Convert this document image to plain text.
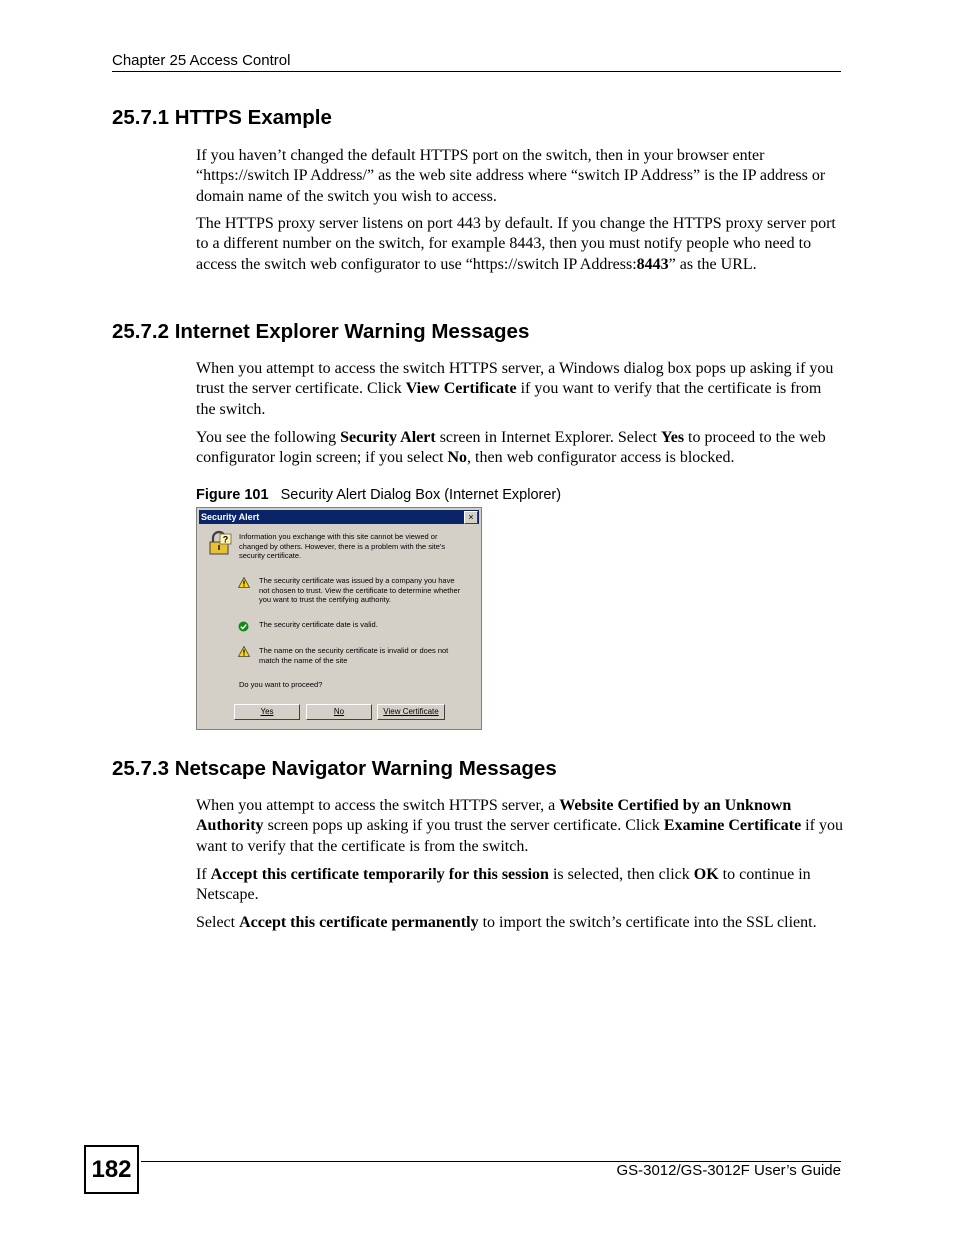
Chapter 25 Access Control
25.7.1 HTTPS Example
If you haven’t changed the default HTTPS port on the switch, then in your browser enter “https://switch IP Address/” as the web site address where “switch IP Address” is the IP address or domain name of the switch you wish to access.
The HTTPS proxy server listens on port 443 by default. If you change the HTTPS proxy server port to a different number on the switch, for example 8443, then you must notify people who need to access the switch web configurator to use “https://switch IP Address:8443” as the URL.
25.7.2 Internet Explorer Warning Messages
When you attempt to access the switch HTTPS server, a Windows dialog box pops up asking if you trust the server certificate. Click View Certificate if you want to verify that the certificate is from the switch.
You see the following Security Alert screen in Internet Explorer. Select Yes to proceed to the web configurator login screen; if you select No, then web configurator access is blocked.
Figure 101 Security Alert Dialog Box (Internet Explorer)
Security Alert	×
? Information you exchange with this site cannot be viewed or
changed by others. However, there is a problem with the site's
security certificate.
The security certificate was issued by a company you have
not chosen to trust. View the certificate to determine whether
you want to trust the certifying authority.
The security certificate date is valid.
The name on the security certificate is invalid or does not
match the name of the site
Do you want to proceed?
Yes	No	View Certificate
25.7.3 Netscape Navigator Warning Messages
When you attempt to access the switch HTTPS server, a Website Certified by an Unknown Authority screen pops up asking if you trust the server certificate. Click Examine Certificate if you want to verify that the certificate is from the switch.
If Accept this certificate temporarily for this session is selected, then click OK to continue in Netscape.
Select Accept this certificate permanently to import the switch’s certificate into the SSL client.
182	GS-3012/GS-3012F User’s Guide
